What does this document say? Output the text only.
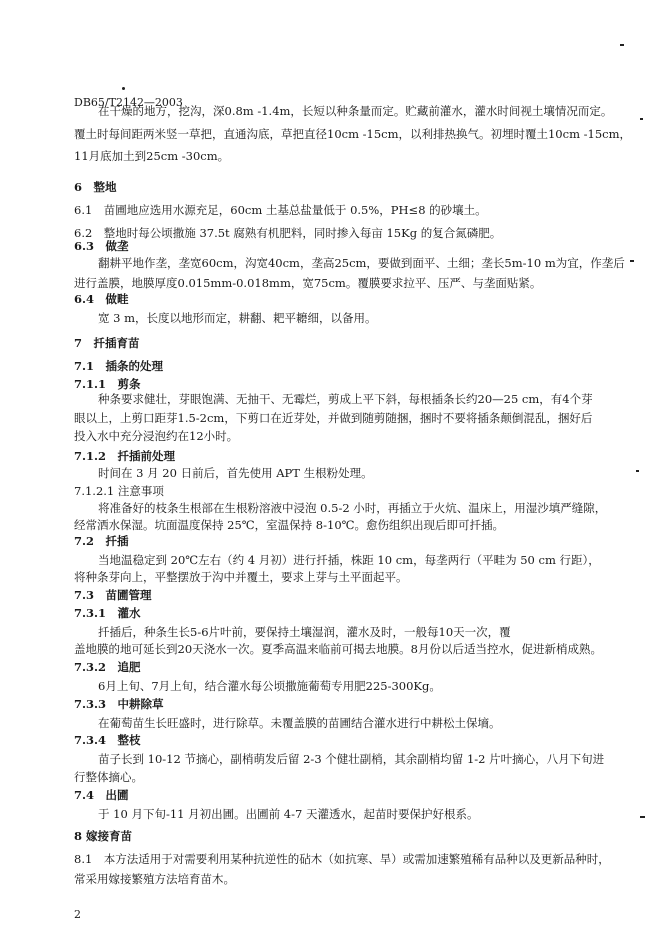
DB65/T2142—2003
在干燥的地方，挖沟，深0.8m -1.4m，长短以种条量而定。贮藏前灌水，灌水时间视土壤情况而定。
覆土时每间距两米竖一草把，直通沟底，草把直径10cm -15cm，以利排热换气。初埋时覆土10cm -15cm，
11月底加土到25cm -30cm。
6　整地
6.1　苗圃地应选用水源充足，60cm 土基总盐量低于 0.5%，PH≤8 的砂壤土。
6.2　整地时每公顷撒施 37.5t 腐熟有机肥料，同时掺入每亩 15Kg 的复合氮磷肥。
6.3　做垄
翻耕平地作垄，垄宽60cm，沟宽40cm，垄高25cm，要做到面平、土细；垄长5m-10 m为宜，作垄后
进行盖膜，地膜厚度0.015mm-0.018mm，宽75cm。覆膜要求拉平、压严、与垄面贴紧。
6.4　做畦
宽 3 m，长度以地形而定，耕翻、耙平耱细，以备用。
7　扦插育苗
7.1　插条的处理
7.1.1　剪条
种条要求健壮，芽眼饱满、无抽干、无霉烂，剪成上平下斜，每根插条长约20—25 cm，有4个芽
眼以上，上剪口距芽1.5-2cm，下剪口在近芽处，并做到随剪随捆，捆时不要将插条颠倒混乱，捆好后
投入水中充分浸泡约在12小时。
7.1.2　扦插前处理
时间在 3 月 20 日前后，首先使用 APT 生根粉处理。
7.1.2.1 注意事项
将准备好的枝条生根部在生根粉溶液中浸泡 0.5-2 小时，再插立于火炕、温床上，用湿沙填严缝隙，
经常洒水保湿。坑面温度保持 25℃，室温保持 8-10℃。愈伤组织出现后即可扦插。
7.2　扦插
当地温稳定到 20℃左右（约 4 月初）进行扦插，株距 10 cm，每垄两行（平畦为 50 cm 行距），
将种条芽向上，平整摆放于沟中并覆土，要求上芽与土平面起平。
7.3　苗圃管理
7.3.1　灌水
扦插后，种条生长5-6片叶前，要保持土壤湿润，灌水及时，一般每10天一次，覆
盖地膜的地可延长到20天浇水一次。夏季高温来临前可揭去地膜。8月份以后适当控水，促进新梢成熟。
7.3.2　追肥
6月上旬、7月上旬，结合灌水每公顷撒施葡萄专用肥225-300Kg。
7.3.3　中耕除草
在葡萄苗生长旺盛时，进行除草。未覆盖膜的苗圃结合灌水进行中耕松土保墒。
7.3.4　整枝
苗子长到 10-12 节摘心，副梢萌发后留 2-3 个健壮副梢，其余副梢均留 1-2 片叶摘心，八月下旬进
行整体摘心。
7.4　出圃
于 10 月下旬-11 月初出圃。出圃前 4-7 天灌透水，起苗时要保护好根系。
8 嫁接育苗
8.1　本方法适用于对需要利用某种抗逆性的砧木（如抗寒、旱）或需加速繁殖稀有品种以及更新品种时，
常采用嫁接繁殖方法培育苗木。
2
